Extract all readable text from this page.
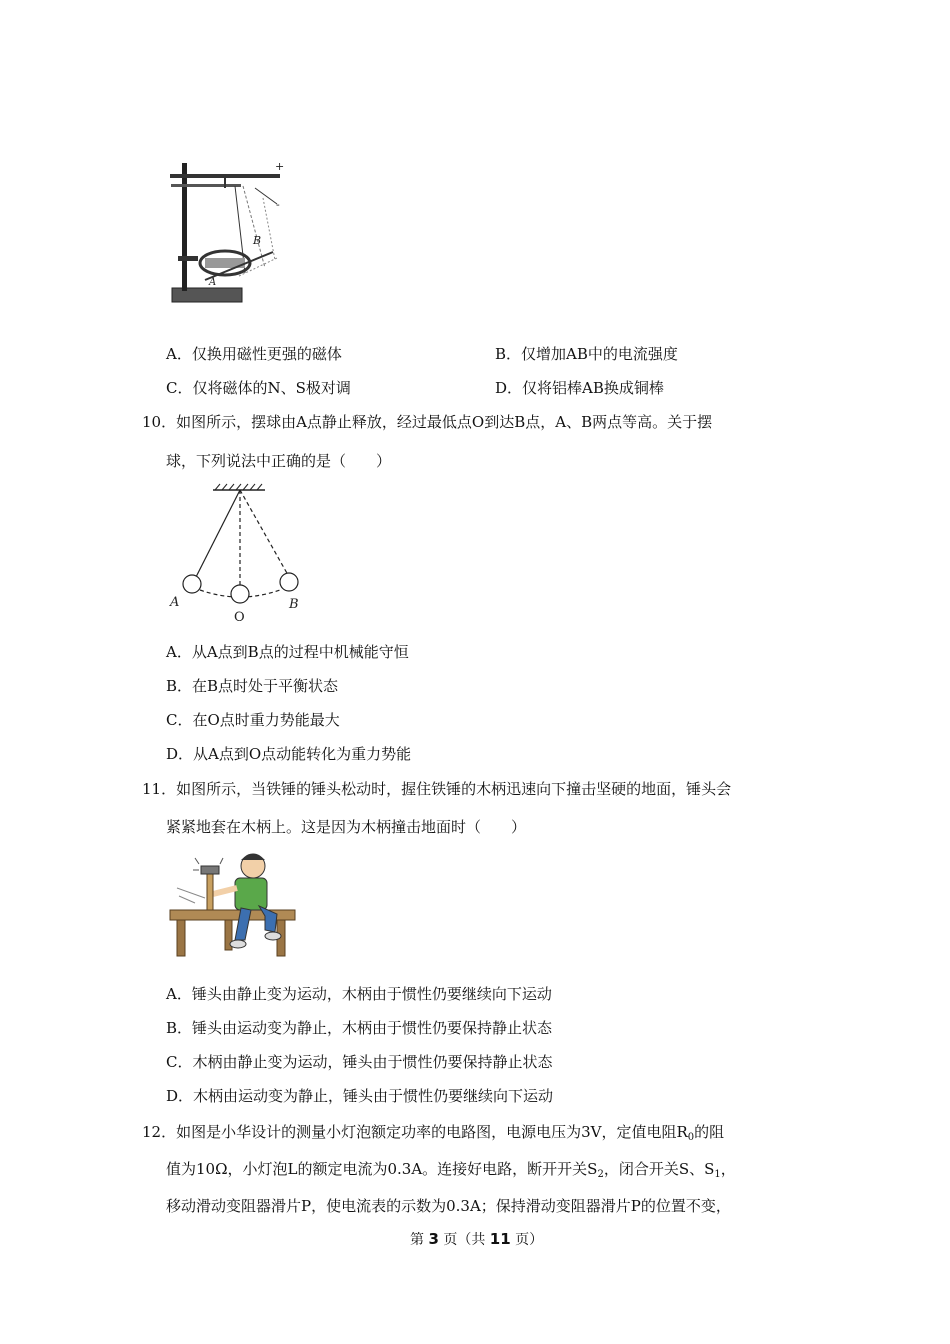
+
-
B
A
A．仅换用磁性更强的磁体	B．仅增加AB中的电流强度
C．仅将磁体的N、S极对调	D．仅将铝棒AB换成铜棒
10．如图所示，摆球由A点静止释放，经过最低点O到达B点，A、B两点等高。关于摆
球，下列说法中正确的是（　　）
A
O
B
A．从A点到B点的过程中机械能守恒
B．在B点时处于平衡状态
C．在O点时重力势能最大
D．从A点到O点动能转化为重力势能
11．如图所示，当铁锤的锤头松动时，握住铁锤的木柄迅速向下撞击坚硬的地面，锤头会
紧紧地套在木柄上。这是因为木柄撞击地面时（　　）
A．锤头由静止变为运动，木柄由于惯性仍要继续向下运动
B．锤头由运动变为静止，木柄由于惯性仍要保持静止状态
C．木柄由静止变为运动，锤头由于惯性仍要保持静止状态
D．木柄由运动变为静止，锤头由于惯性仍要继续向下运动
12．如图是小华设计的测量小灯泡额定功率的电路图，电源电压为3V，定值电阻$R_0$的阻
值为10Ω，小灯泡L的额定电流为0.3A。连接好电路，断开开关$S_2$，闭合开关S、$S_1$，
移动滑动变阻器滑片P，使电流表的示数为0.3A；保持滑动变阻器滑片P的位置不变，
第 3 页（共 11 页）
